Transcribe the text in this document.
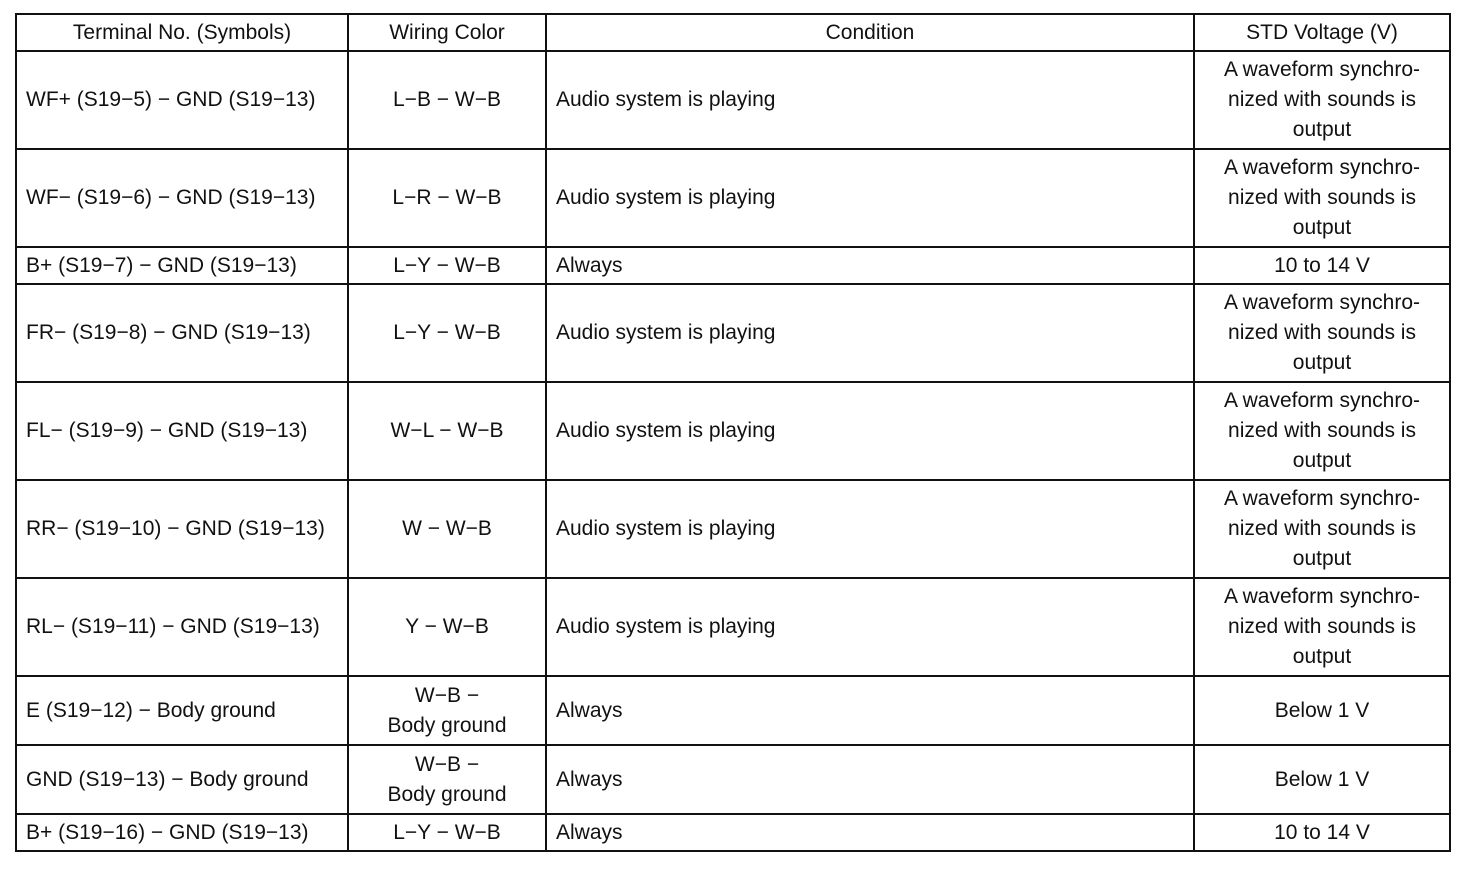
Terminal No. (Symbols)	Wiring Color	Condition	STD Voltage (V)
WF+ (S19−5) − GND (S19−13)	L−B − W−B	Audio system is playing	A waveform synchro-
nized with sounds is
output
WF− (S19−6) − GND (S19−13)	L−R − W−B	Audio system is playing	A waveform synchro-
nized with sounds is
output
B+ (S19−7) − GND (S19−13)	L−Y − W−B	Always	10 to 14 V
FR− (S19−8) − GND (S19−13)	L−Y − W−B	Audio system is playing	A waveform synchro-
nized with sounds is
output
FL− (S19−9) − GND (S19−13)	W−L − W−B	Audio system is playing	A waveform synchro-
nized with sounds is
output
RR− (S19−10) − GND (S19−13)	W − W−B	Audio system is playing	A waveform synchro-
nized with sounds is
output
RL− (S19−11) − GND (S19−13)	Y − W−B	Audio system is playing	A waveform synchro-
nized with sounds is
output
E (S19−12) − Body ground	W−B −
Body ground	Always	Below 1 V
GND (S19−13) − Body ground	W−B −
Body ground	Always	Below 1 V
B+ (S19−16) − GND (S19−13)	L−Y − W−B	Always	10 to 14 V
